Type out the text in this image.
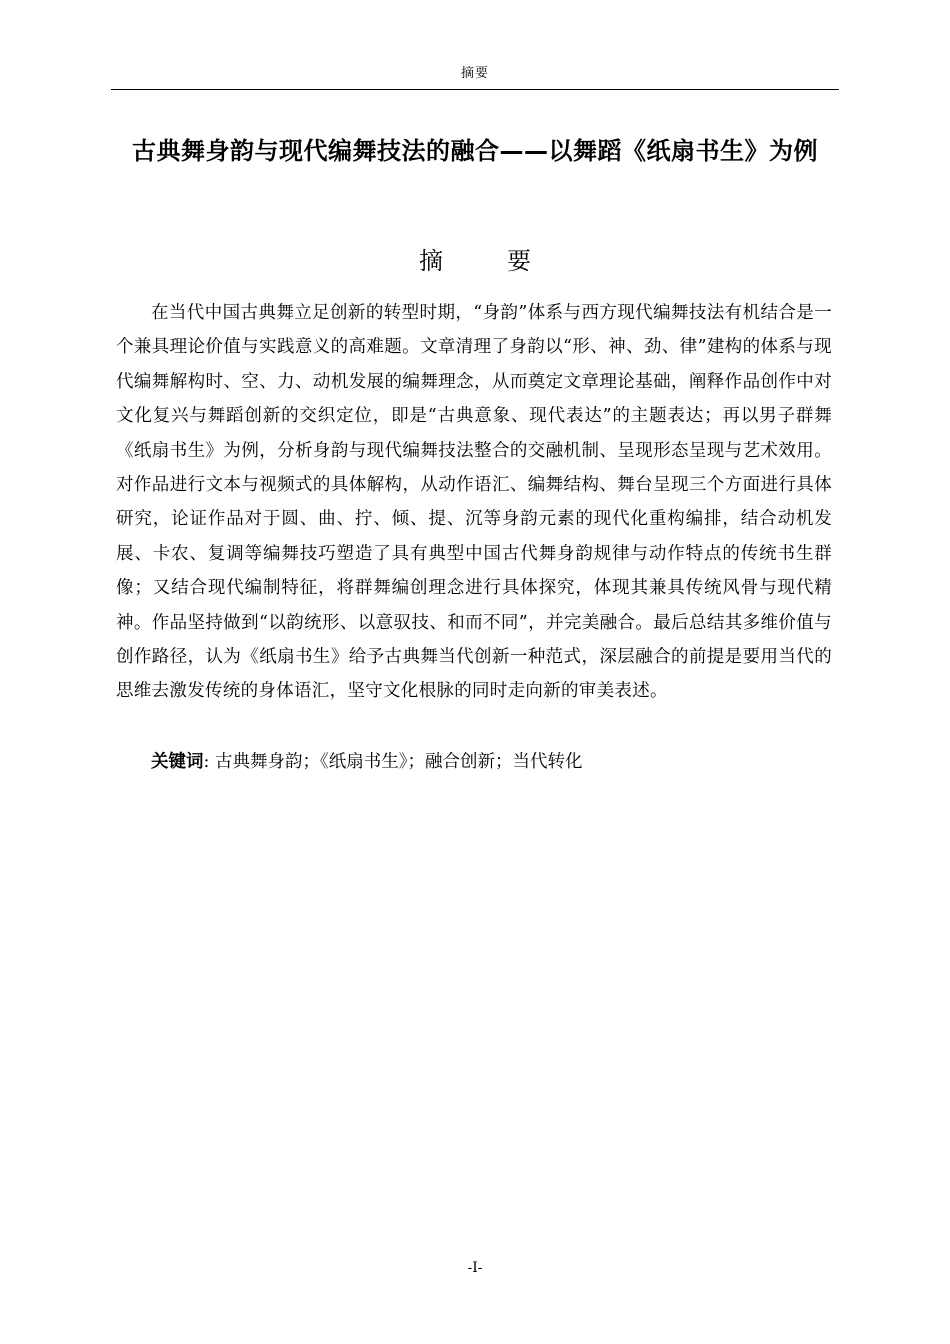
摘要
古典舞身韵与现代编舞技法的融合——以舞蹈《纸扇书生》为例
摘　要

在当代中国古典舞立足创新的转型时期，“身韵”体系与西方现代编舞技法有机结合是一个兼具理论价值与实践意义的高难题。文章清理了身韵以“形、神、劲、律”建构的体系与现代编舞解构时、空、力、动机发展的编舞理念，从而奠定文章理论基础，阐释作品创作中对文化复兴与舞蹈创新的交织定位，即是“古典意象、现代表达”的主题表达；再以男子群舞《纸扇书生》为例，分析身韵与现代编舞技法整合的交融机制、呈现形态呈现与艺术效用。对作品进行文本与视频式的具体解构，从动作语汇、编舞结构、舞台呈现三个方面进行具体研究，论证作品对于圆、曲、拧、倾、提、沉等身韵元素的现代化重构编排，结合动机发展、卡农、复调等编舞技巧塑造了具有典型中国古代舞身韵规律与动作特点的传统书生群像；又结合现代编制特征，将群舞编创理念进行具体探究，体现其兼具传统风骨与现代精神。作品坚持做到“以韵统形、以意驭技、和而不同”，并完美融合。最后总结其多维价值与创作路径，认为《纸扇书生》给予古典舞当代创新一种范式，深层融合的前提是要用当代的思维去激发传统的身体语汇，坚守文化根脉的同时走向新的审美表述。

关键词: 古典舞身韵；《纸扇书生》；融合创新；当代转化

-I-
